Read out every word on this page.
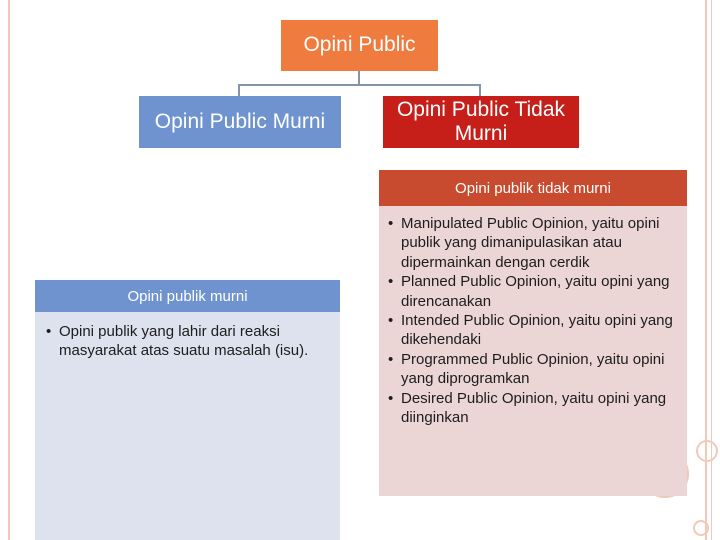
Opini Public
Opini Public Murni
Opini Public Tidak Murni
Opini publik murni
• Opini publik yang lahir dari reaksi masyarakat atas suatu masalah (isu).
Opini publik tidak murni
• Manipulated Public Opinion, yaitu opini publik yang dimanipulasikan atau dipermainkan dengan cerdik
• Planned Public Opinion, yaitu opini yang direncanakan
• Intended Public Opinion, yaitu opini yang dikehendaki
• Programmed Public Opinion, yaitu opini yang diprogramkan
• Desired Public Opinion, yaitu opini yang diinginkan
